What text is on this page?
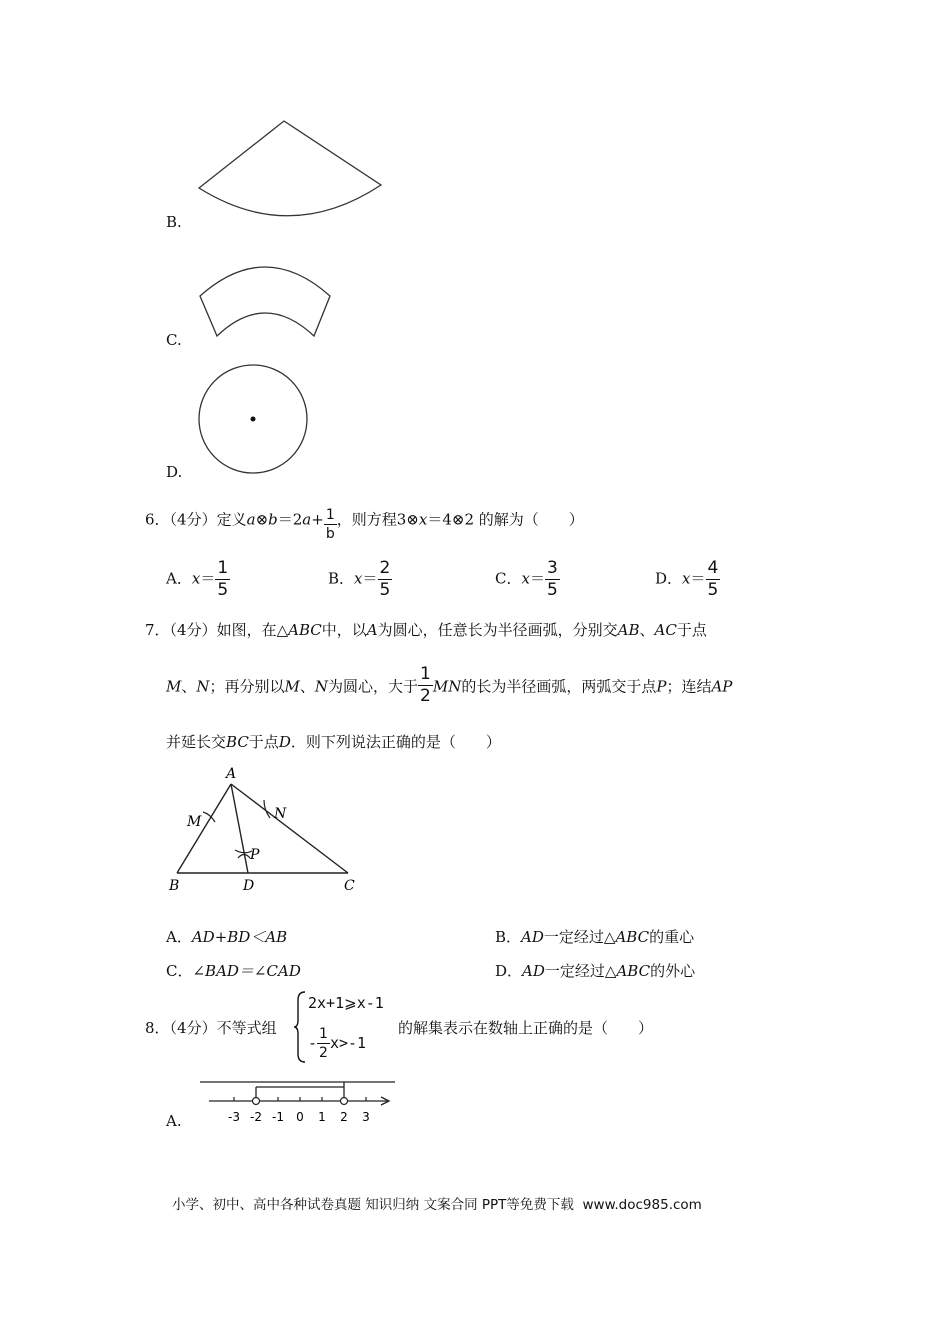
B.
C.
D.
6．（4分）定义a⊗b＝2a+ $\frac{1}{b}$ ，则方程3⊗x＝4⊗2 的解为（　　）
A．$x= \frac{1}{5}$	B．$x= \frac{2}{5}$	C．$x= \frac{3}{5}$	D．$x= \frac{4}{5}$
7．（4分）如图，在△ABC中，以A为圆心，任意长为半径画弧，分别交AB、AC于点
M、N；再分别以M、N为圆心，大于 $\frac{1}{2}$ MN的长为半径画弧，两弧交于点P；连结AP
并延长交BC于点D．则下列说法正确的是（　　）
A
M	N
P
B	D	C
A．AD+BD＜AB	B．AD一定经过△ABC的重心
C．∠BAD＝∠CAD	D．AD一定经过△ABC的外心
8．（4分）不等式组
2x+1⩾x-1
- $\frac{1}{2} x>-1$
的解集表示在数轴上正确的是（　　）
-3 -2 -1 0 1 2 3
A.
小学、初中、高中各种试卷真题 知识归纳 文案合同 PPT等免费下载 www.doc985.com
